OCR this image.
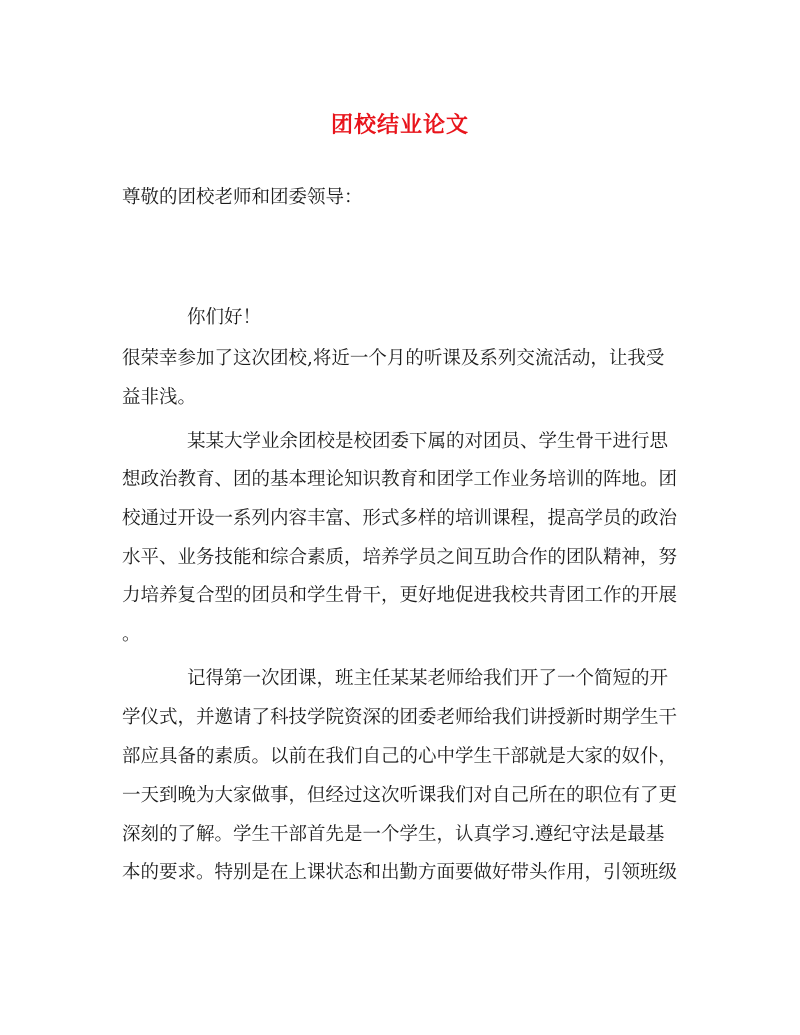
团校结业论文
尊敬的团校老师和团委领导：
你们好！
很荣幸参加了这次团校,将近一个月的听课及系列交流活动，让我受
益非浅。
某某大学业余团校是校团委下属的对团员、学生骨干进行思
想政治教育、团的基本理论知识教育和团学工作业务培训的阵地。团
校通过开设一系列内容丰富、形式多样的培训课程，提高学员的政治
水平、业务技能和综合素质，培养学员之间互助合作的团队精神，努
力培养复合型的团员和学生骨干，更好地促进我校共青团工作的开展
。
记得第一次团课，班主任某某老师给我们开了一个简短的开
学仪式，并邀请了科技学院资深的团委老师给我们讲授新时期学生干
部应具备的素质。以前在我们自己的心中学生干部就是大家的奴仆，
一天到晚为大家做事，但经过这次听课我们对自己所在的职位有了更
深刻的了解。学生干部首先是一个学生，认真学习.遵纪守法是最基
本的要求。特别是在上课状态和出勤方面要做好带头作用，引领班级
